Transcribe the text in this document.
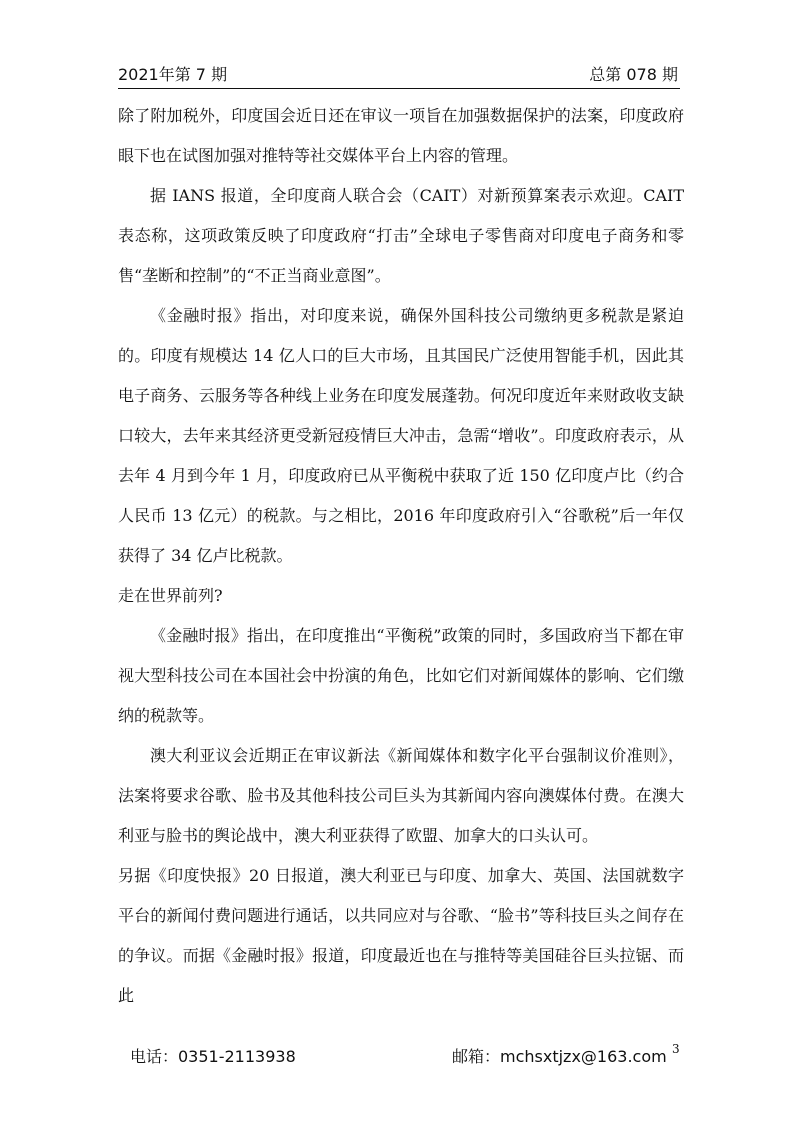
2021年第 7 期	总第 078 期

除了附加税外，印度国会近日还在审议一项旨在加强数据保护的法案，印度政府眼下也在试图加强对推特等社交媒体平台上内容的管理。

据 IANS 报道，全印度商人联合会（CAIT）对新预算案表示欢迎。CAIT 表态称，这项政策反映了印度政府“打击”全球电子零售商对印度电子商务和零售“垄断和控制”的“不正当商业意图”。

《金融时报》指出，对印度来说，确保外国科技公司缴纳更多税款是紧迫的。印度有规模达 14 亿人口的巨大市场，且其国民广泛使用智能手机，因此其电子商务、云服务等各种线上业务在印度发展蓬勃。何况印度近年来财政收支缺口较大，去年来其经济更受新冠疫情巨大冲击，急需“增收”。印度政府表示，从去年 4 月到今年 1 月，印度政府已从平衡税中获取了近 150 亿印度卢比（约合人民币 13 亿元）的税款。与之相比，2016 年印度政府引入“谷歌税”后一年仅获得了 34 亿卢比税款。

走在世界前列?

《金融时报》指出，在印度推出“平衡税”政策的同时，多国政府当下都在审视大型科技公司在本国社会中扮演的角色，比如它们对新闻媒体的影响、它们缴纳的税款等。

澳大利亚议会近期正在审议新法《新闻媒体和数字化平台强制议价准则》，法案将要求谷歌、脸书及其他科技公司巨头为其新闻内容向澳媒体付费。在澳大利亚与脸书的舆论战中，澳大利亚获得了欧盟、加拿大的口头认可。

另据《印度快报》20 日报道，澳大利亚已与印度、加拿大、英国、法国就数字平台的新闻付费问题进行通话，以共同应对与谷歌、“脸书”等科技巨头之间存在的争议。而据《金融时报》报道，印度最近也在与推特等美国硅谷巨头拉锯、而此

电话：0351-2113938	邮箱：mchsxtjzx@163.com 3
